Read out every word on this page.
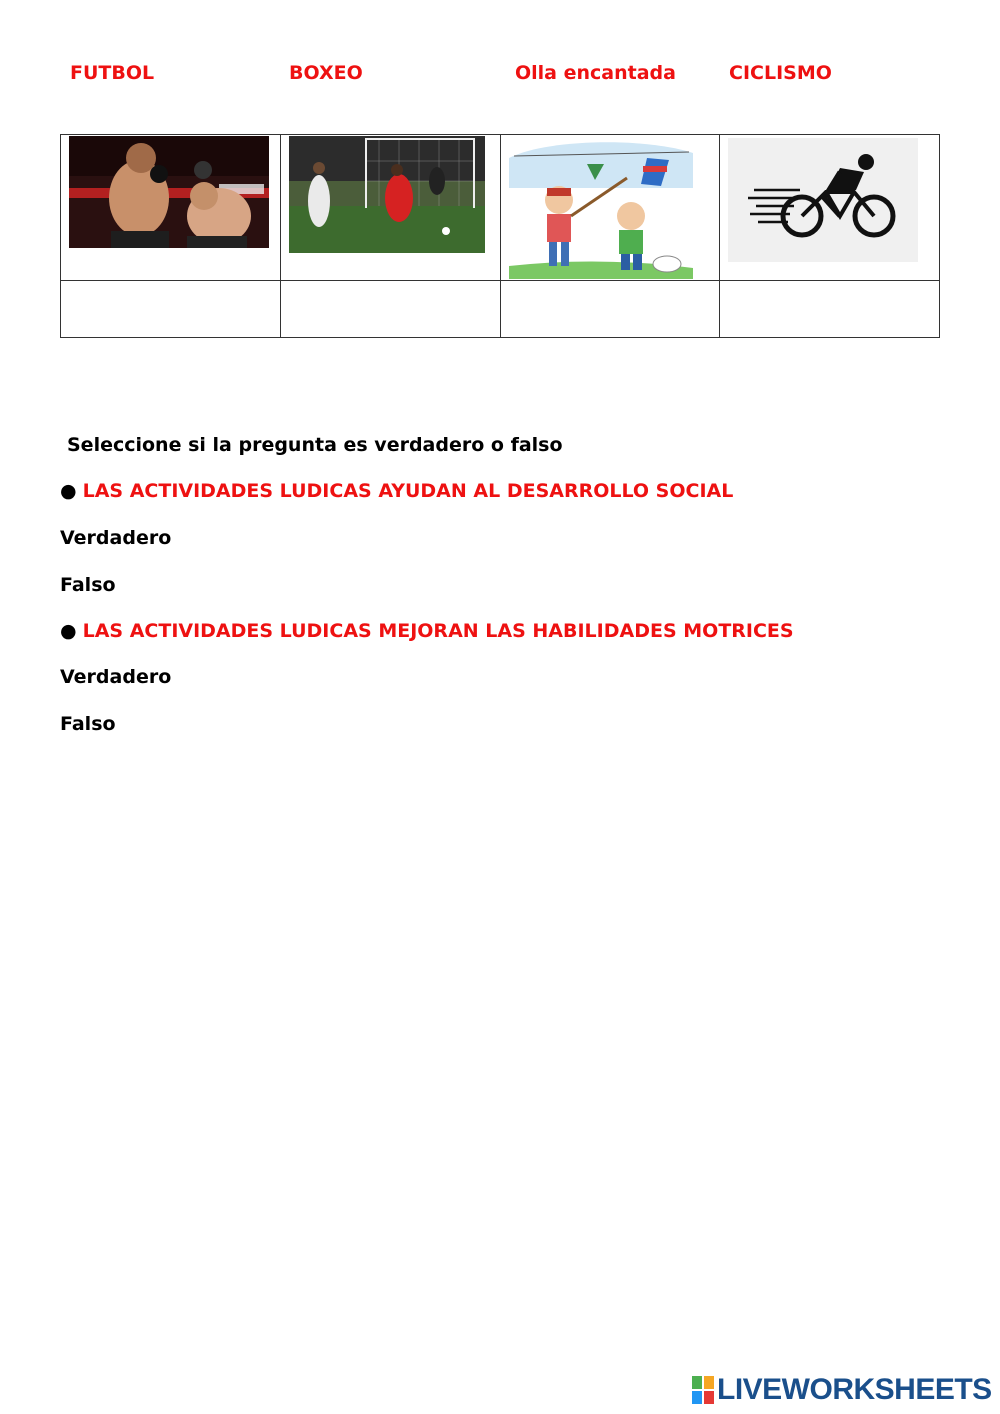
FUTBOL	BOXEO	Olla encantada	CICLISMO

Seleccione si la pregunta es verdadero o falso
● LAS ACTIVIDADES LUDICAS AYUDAN AL DESARROLLO SOCIAL
Verdadero
Falso
● LAS ACTIVIDADES LUDICAS MEJORAN LAS HABILIDADES MOTRICES
Verdadero
Falso
LIVEWORKSHEETS
